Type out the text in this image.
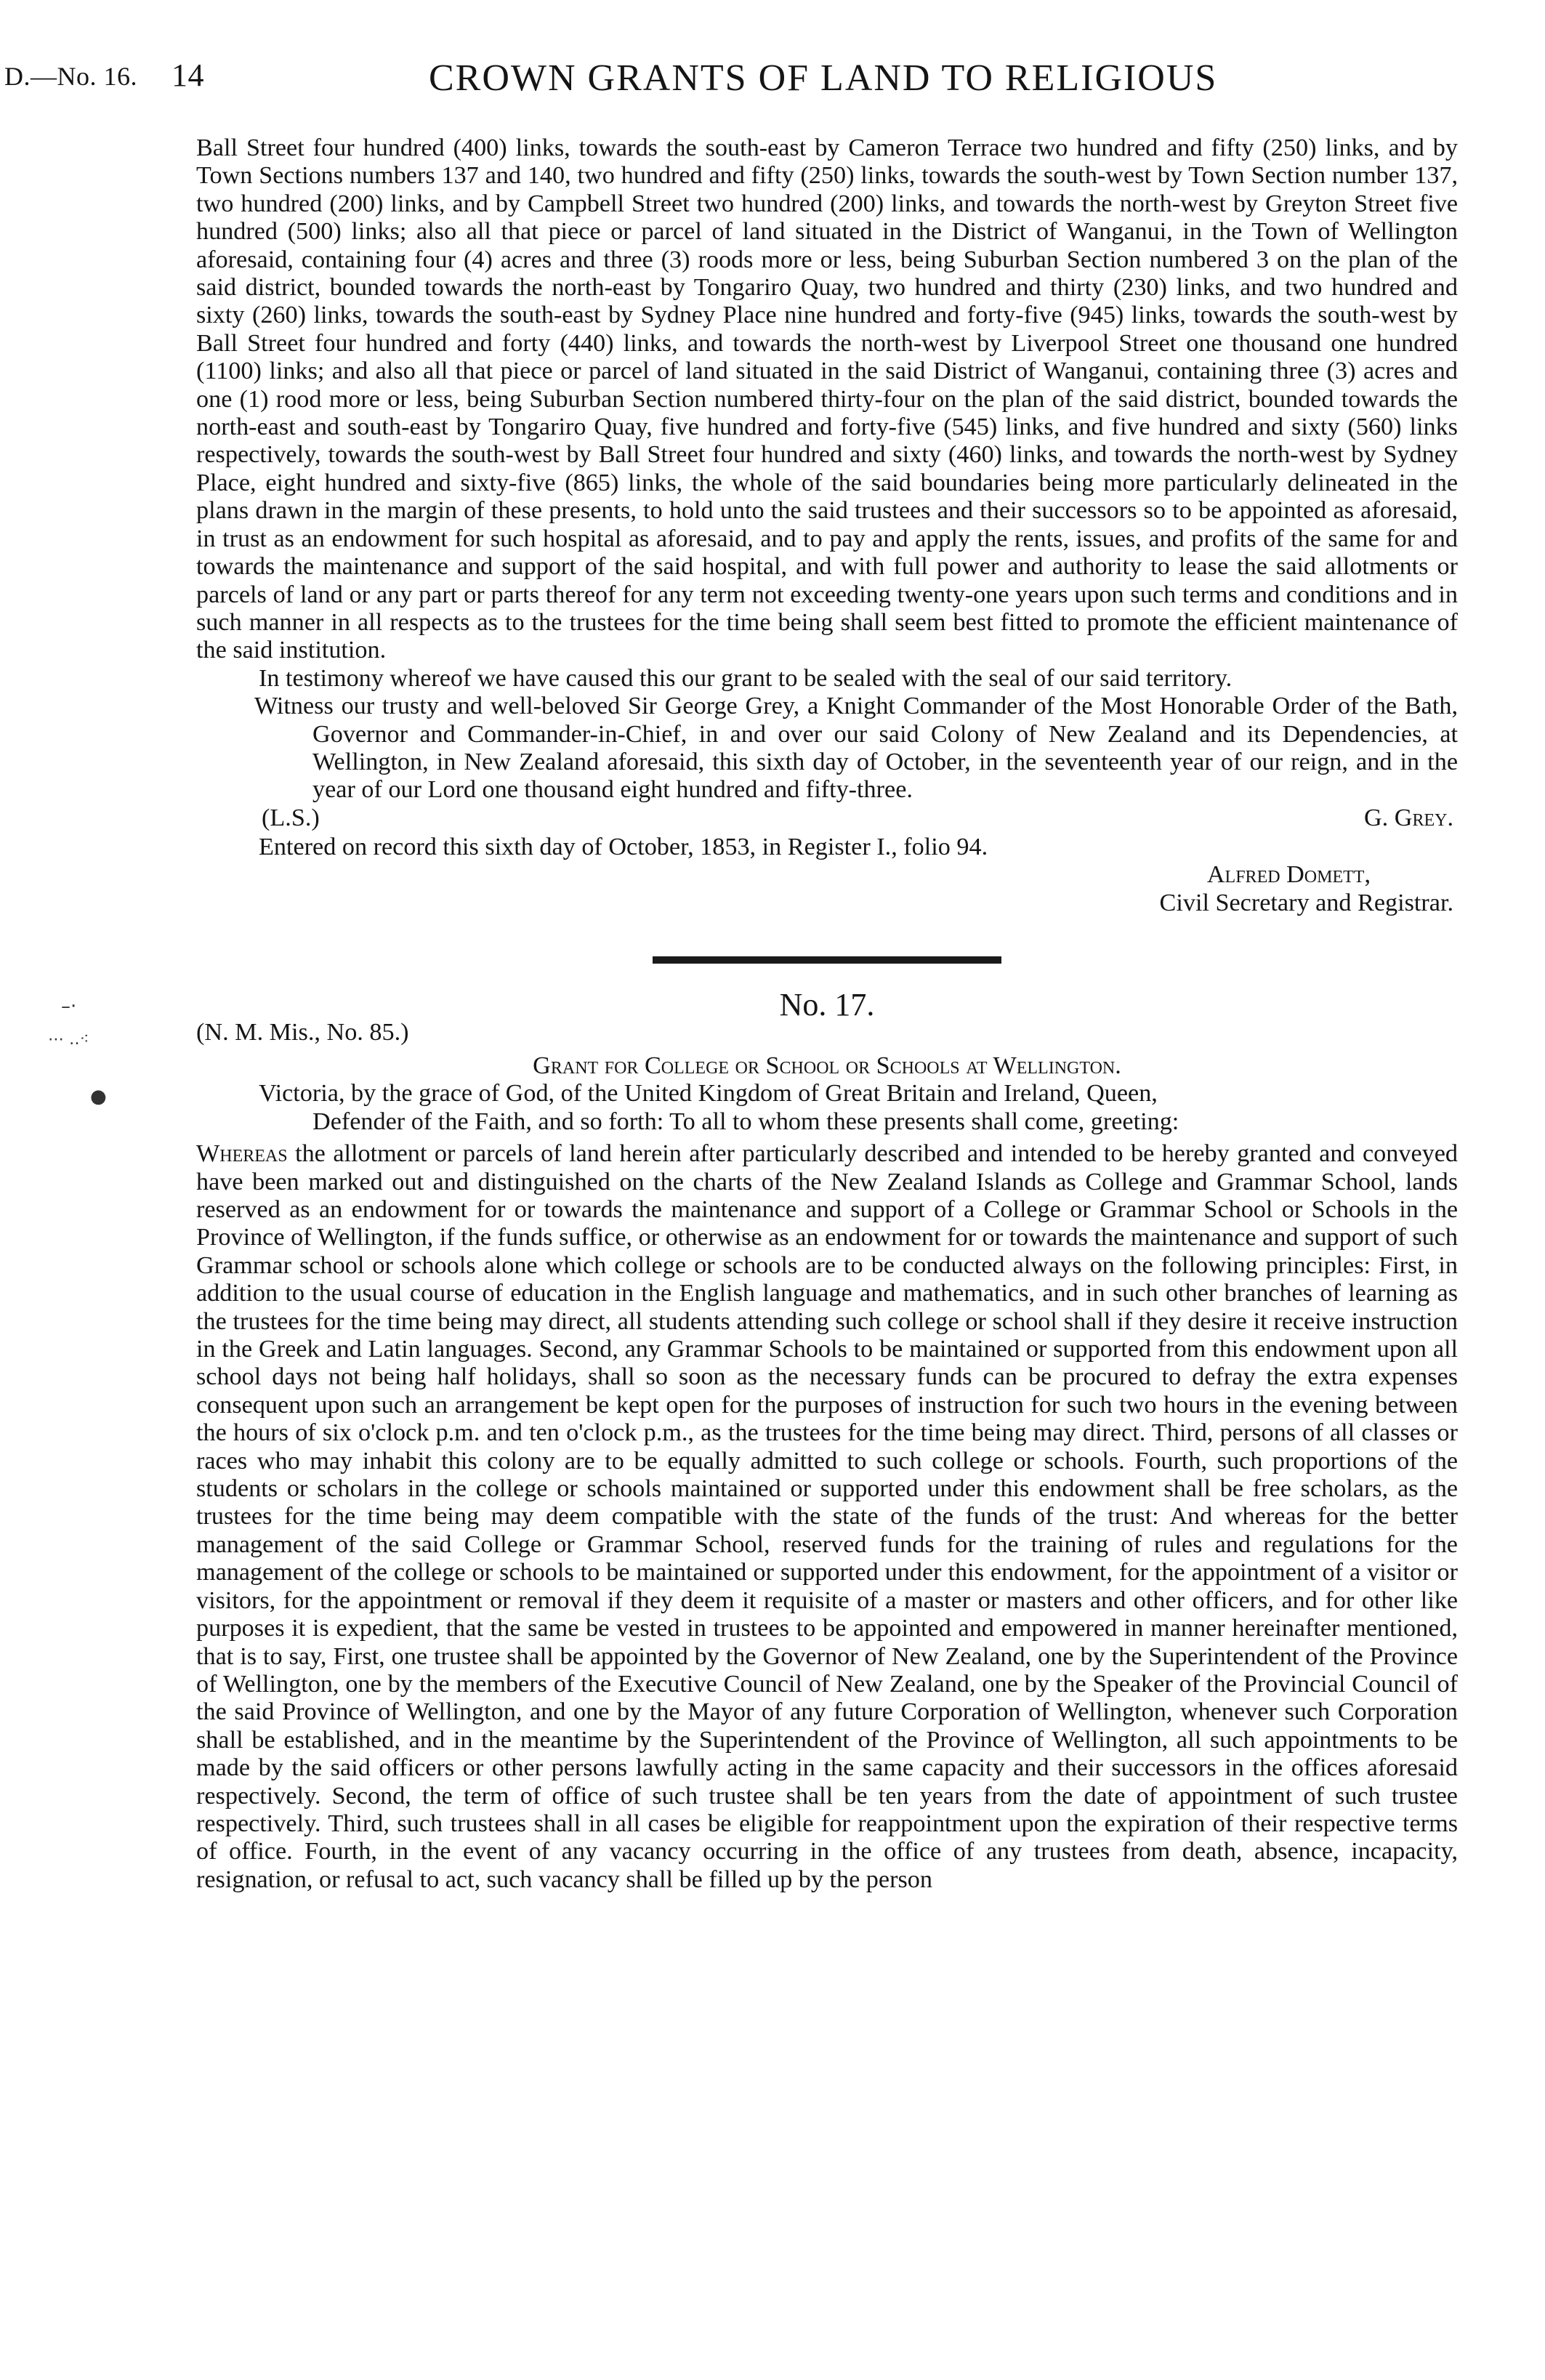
D.—No. 16. 14	CROWN GRANTS OF LAND TO RELIGIOUS
–·
⋯ ‥⁖
●

Ball Street four hundred (400) links, towards the south-east by Cameron Terrace two hundred and fifty (250) links, and by Town Sections numbers 137 and 140, two hundred and fifty (250) links, towards the south-west by Town Section number 137, two hundred (200) links, and by Campbell Street two hundred (200) links, and towards the north-west by Greyton Street five hundred (500) links; also all that piece or parcel of land situated in the District of Wanganui, in the Town of Wellington aforesaid, containing four (4) acres and three (3) roods more or less, being Suburban Section numbered 3 on the plan of the said district, bounded towards the north-east by Tongariro Quay, two hundred and thirty (230) links, and two hundred and sixty (260) links, towards the south-east by Sydney Place nine hundred and forty-five (945) links, towards the south-west by Ball Street four hundred and forty (440) links, and towards the north-west by Liverpool Street one thousand one hundred (1100) links; and also all that piece or parcel of land situated in the said District of Wanganui, containing three (3) acres and one (1) rood more or less, being Suburban Section numbered thirty-four on the plan of the said district, bounded towards the north-east and south-east by Tongariro Quay, five hundred and forty-five (545) links, and five hundred and sixty (560) links respectively, towards the south-west by Ball Street four hundred and sixty (460) links, and towards the north-west by Sydney Place, eight hundred and sixty-five (865) links, the whole of the said boundaries being more particularly delineated in the plans drawn in the margin of these presents, to hold unto the said trustees and their successors so to be appointed as aforesaid, in trust as an endowment for such hospital as aforesaid, and to pay and apply the rents, issues, and profits of the same for and towards the maintenance and support of the said hospital, and with full power and authority to lease the said allotments or parcels of land or any part or parts thereof for any term not exceeding twenty-one years upon such terms and conditions and in such manner in all respects as to the trustees for the time being shall seem best fitted to promote the efficient maintenance of the said institution.

In testimony whereof we have caused this our grant to be sealed with the seal of our said territory.

Witness our trusty and well-beloved Sir George Grey, a Knight Commander of the Most Honorable Order of the Bath, Governor and Commander-in-Chief, in and over our said Colony of New Zealand and its Dependencies, at Wellington, in New Zealand aforesaid, this sixth day of October, in the seventeenth year of our reign, and in the year of our Lord one thousand eight hundred and fifty-three.

(L.S.)	G. Grey.

Entered on record this sixth day of October, 1853, in Register I., folio 94.

Alfred Domett,

Civil Secretary and Registrar.

No. 17.
(N. M. Mis., No. 85.)

Grant for College or School or Schools at Wellington.

Victoria, by the grace of God, of the United Kingdom of Great Britain and Ireland, Queen,

Defender of the Faith, and so forth: To all to whom these presents shall come, greeting:

Whereas the allotment or parcels of land herein after particularly described and intended to be hereby granted and conveyed have been marked out and distinguished on the charts of the New Zealand Islands as College and Grammar School, lands reserved as an endowment for or towards the maintenance and support of a College or Grammar School or Schools in the Province of Wellington, if the funds suffice, or otherwise as an endowment for or towards the maintenance and support of such Grammar school or schools alone which college or schools are to be conducted always on the following principles: First, in addition to the usual course of education in the English language and mathematics, and in such other branches of learning as the trustees for the time being may direct, all students attending such college or school shall if they desire it receive instruction in the Greek and Latin languages. Second, any Grammar Schools to be maintained or supported from this endowment upon all school days not being half holidays, shall so soon as the necessary funds can be procured to defray the extra expenses consequent upon such an arrangement be kept open for the purposes of instruction for such two hours in the evening between the hours of six o'clock p.m. and ten o'clock p.m., as the trustees for the time being may direct. Third, persons of all classes or races who may inhabit this colony are to be equally admitted to such college or schools. Fourth, such proportions of the students or scholars in the college or schools maintained or supported under this endowment shall be free scholars, as the trustees for the time being may deem compatible with the state of the funds of the trust: And whereas for the better management of the said College or Grammar School, reserved funds for the training of rules and regulations for the management of the college or schools to be maintained or supported under this endowment, for the appointment of a visitor or visitors, for the appointment or removal if they deem it requisite of a master or masters and other officers, and for other like purposes it is expedient, that the same be vested in trustees to be appointed and empowered in manner hereinafter mentioned, that is to say, First, one trustee shall be appointed by the Governor of New Zealand, one by the Superintendent of the Province of Wellington, one by the members of the Executive Council of New Zealand, one by the Speaker of the Provincial Council of the said Province of Wellington, and one by the Mayor of any future Corporation of Wellington, whenever such Corporation shall be established, and in the meantime by the Superintendent of the Province of Wellington, all such appointments to be made by the said officers or other persons lawfully acting in the same capacity and their successors in the offices aforesaid respectively. Second, the term of office of such trustee shall be ten years from the date of appointment of such trustee respectively. Third, such trustees shall in all cases be eligible for reappointment upon the expiration of their respective terms of office. Fourth, in the event of any vacancy occurring in the office of any trustees from death, absence, incapacity, resignation, or refusal to act, such vacancy shall be filled up by the person
